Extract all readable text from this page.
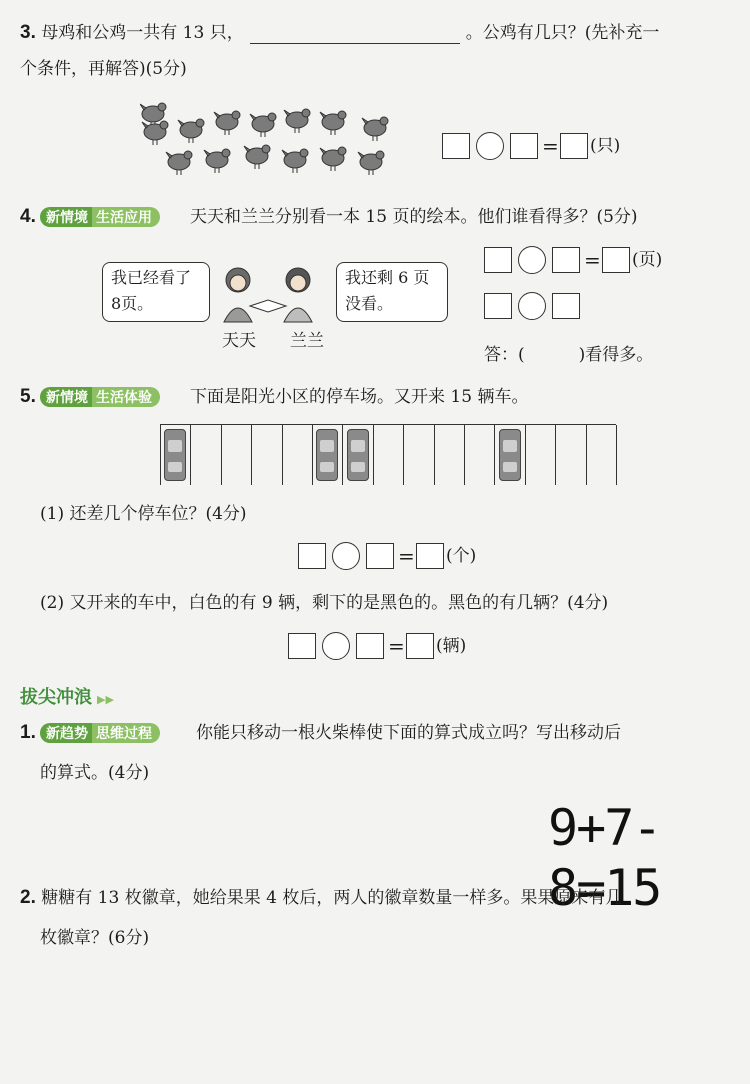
3. 母鸡和公鸡一共有 13 只，	。公鸡有几只？(先补充一
个条件，再解答)(5分)
= (只)
4. 新情境 生活应用	天天和兰兰分别看一本 15 页的绘本。他们谁看得多？(5分)
我已经看了
8页。
我还剩 6 页
没看。
天天 兰兰
= (页)
答：(	)看得多。
5. 新情境 生活体验	下面是阳光小区的停车场。又开来 15 辆车。
(1) 还差几个停车位？(4分)
= (个)
(2) 又开来的车中，白色的有 9 辆，剩下的是黑色的。黑色的有几辆？(4分)
= (辆)
拔尖冲浪 ▶▶
1. 新趋势 思维过程	你能只移动一根火柴棒使下面的算式成立吗？写出移动后
的算式。(4分)
9+7-8=15
2. 糖糖有 13 枚徽章，她给果果 4 枚后，两人的徽章数量一样多。果果原来有几
枚徽章？(6分)
